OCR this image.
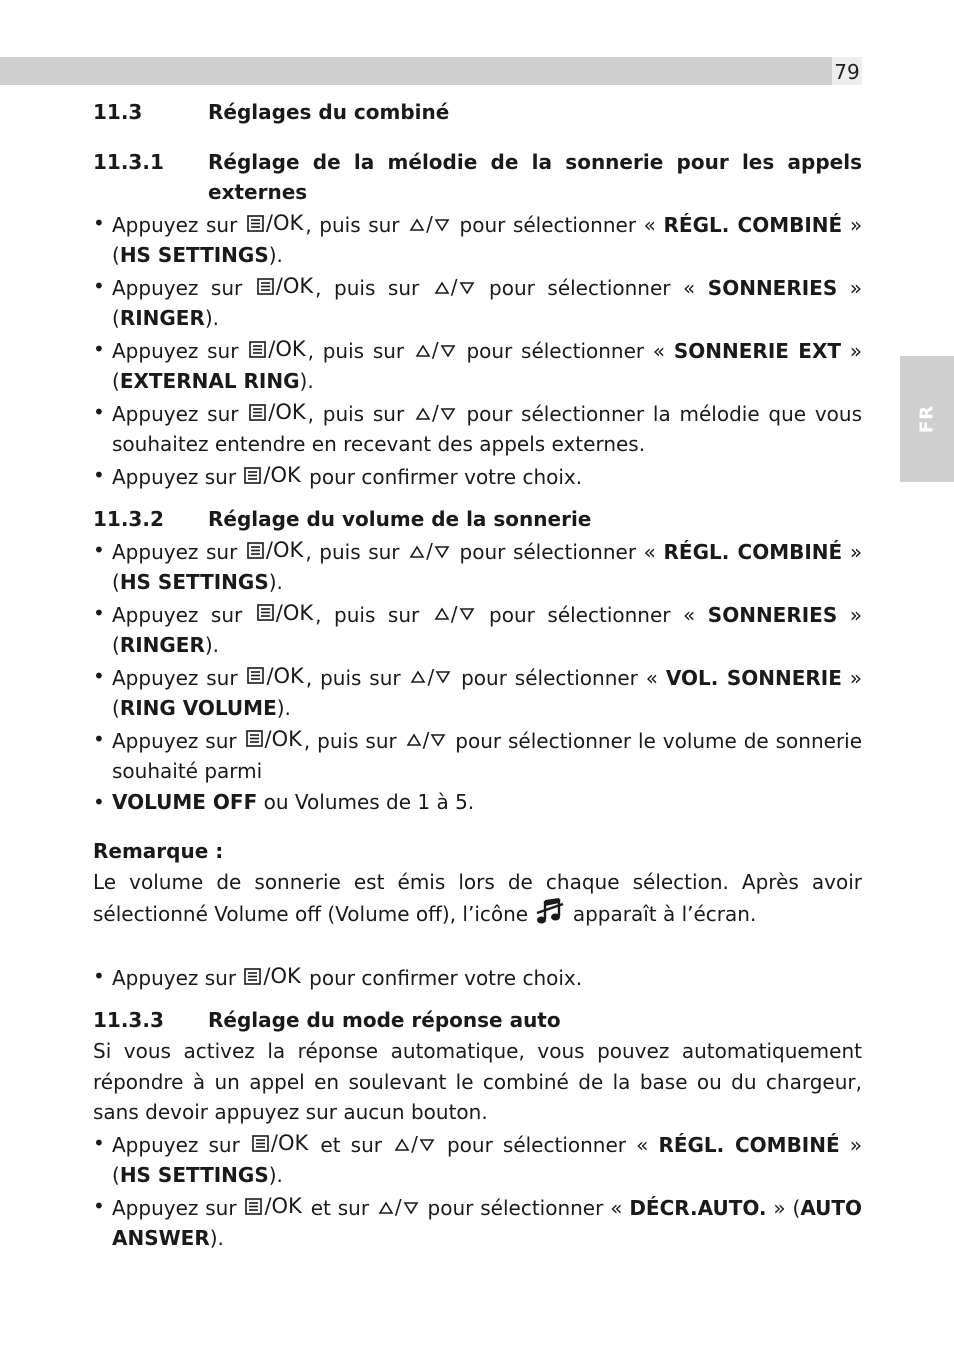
79
FR
11.3	Réglages du combiné
11.3.1	Réglage de la mélodie de la sonnerie pour les appels externes
• Appuyez sur /OK , puis sur / pour sélectionner « RÉGL. COMBINÉ » (HS SETTINGS).
• Appuyez sur /OK , puis sur / pour sélectionner « SONNERIES » (RINGER).
• Appuyez sur /OK , puis sur / pour sélectionner « SONNERIE EXT » (EXTERNAL RING).
• Appuyez sur /OK , puis sur / pour sélectionner la mélodie que vous souhaitez entendre en recevant des appels externes.
• Appuyez sur /OK pour confirmer votre choix.
11.3.2	Réglage du volume de la sonnerie
• Appuyez sur /OK , puis sur / pour sélectionner « RÉGL. COMBINÉ » (HS SETTINGS).
• Appuyez sur /OK , puis sur / pour sélectionner « SONNERIES » (RINGER).
• Appuyez sur /OK , puis sur / pour sélectionner « VOL. SONNERIE » (RING VOLUME).
• Appuyez sur /OK , puis sur / pour sélectionner le volume de sonnerie souhaité parmi
• VOLUME OFF ou Volumes de 1 à 5.

Remarque :

Le volume de sonnerie est émis lors de chaque sélection. Après avoir sélectionné Volume off (Volume off), l’icône apparaît à l’écran.

• Appuyez sur /OK pour confirmer votre choix.
11.3.3	Réglage du mode réponse auto

Si vous activez la réponse automatique, vous pouvez automatiquement répondre à un appel en soulevant le combiné de la base ou du chargeur, sans devoir appuyez sur aucun bouton.

• Appuyez sur /OK et sur / pour sélectionner « RÉGL. COMBINÉ » (HS SETTINGS).
• Appuyez sur /OK et sur / pour sélectionner « DÉCR.AUTO. » (AUTO ANSWER).
